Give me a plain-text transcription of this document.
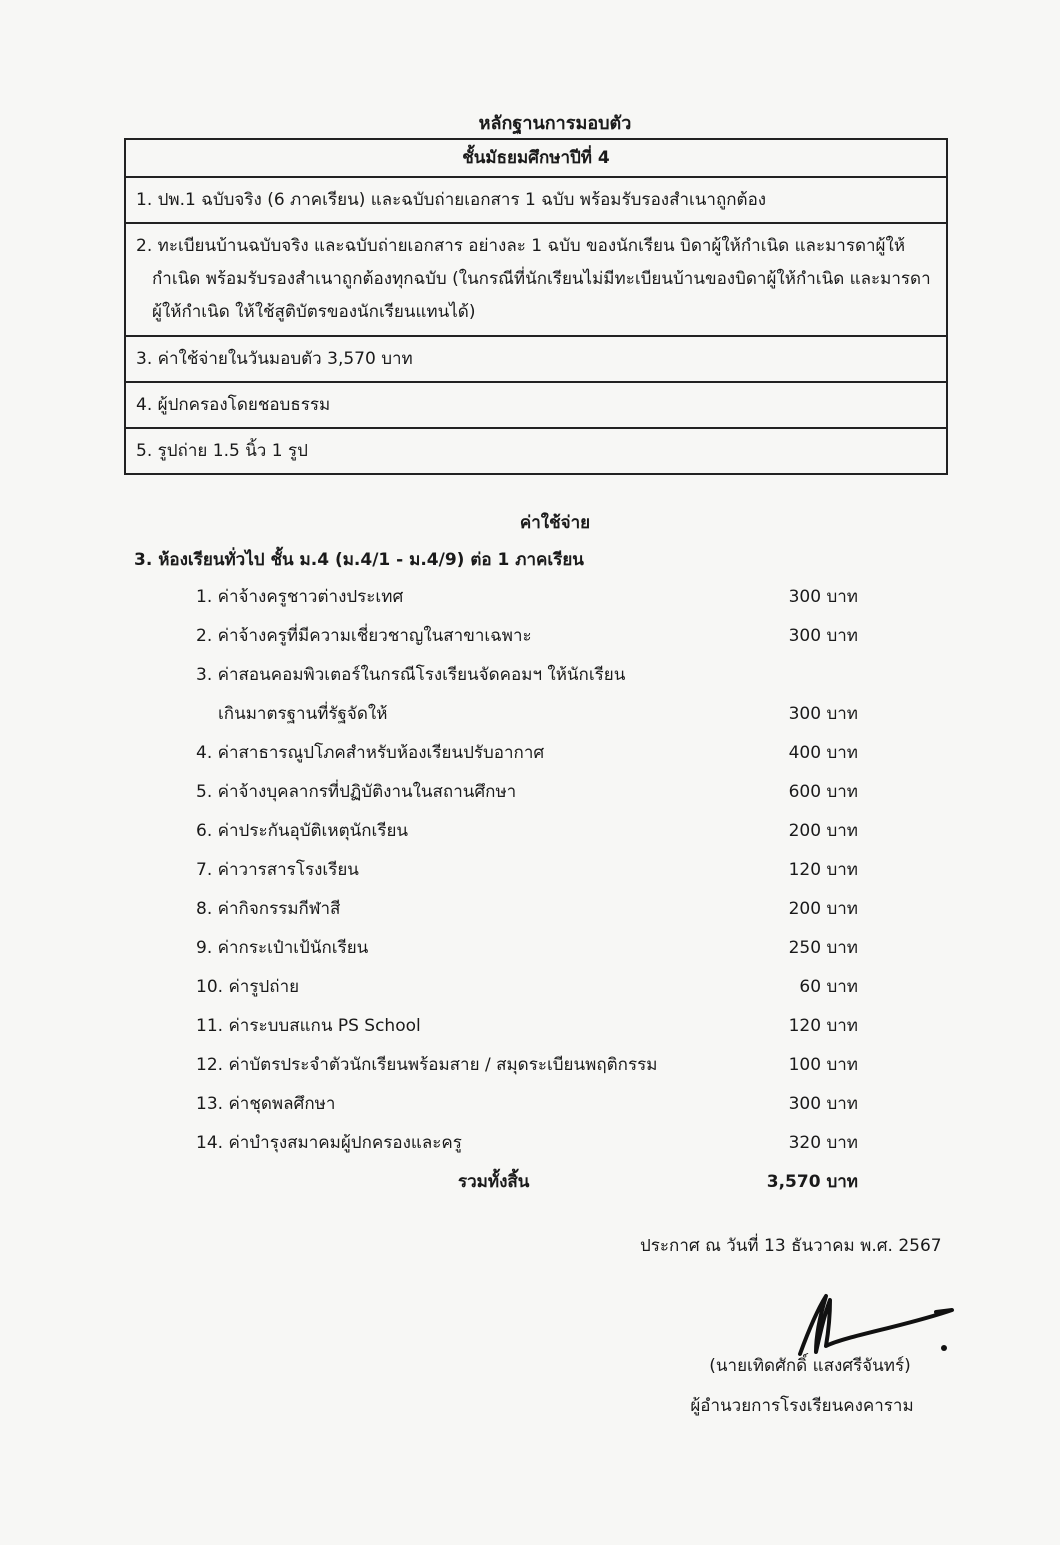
หลักฐานการมอบตัว
ชั้นมัธยมศึกษาปีที่ 4
1. ปพ.1 ฉบับจริง (6 ภาคเรียน) และฉบับถ่ายเอกสาร 1 ฉบับ พร้อมรับรองสำเนาถูกต้อง

2. ทะเบียนบ้านฉบับจริง และฉบับถ่ายเอกสาร อย่างละ 1 ฉบับ ของนักเรียน บิดาผู้ให้กำเนิด และมารดาผู้ให้กำเนิด พร้อมรับรองสำเนาถูกต้องทุกฉบับ (ในกรณีที่นักเรียนไม่มีทะเบียนบ้านของบิดาผู้ให้กำเนิด และมารดาผู้ให้กำเนิด ให้ใช้สูติบัตรของนักเรียนแทนได้)

3. ค่าใช้จ่ายในวันมอบตัว 3,570 บาท
4. ผู้ปกครองโดยชอบธรรม
5. รูปถ่าย 1.5 นิ้ว 1 รูป
ค่าใช้จ่าย
3. ห้องเรียนทั่วไป ชั้น ม.4 (ม.4/1 - ม.4/9) ต่อ 1 ภาคเรียน
1. ค่าจ้างครูชาวต่างประเทศ	300 บาท
2. ค่าจ้างครูที่มีความเชี่ยวชาญในสาขาเฉพาะ	300 บาท
3. ค่าสอนคอมพิวเตอร์ในกรณีโรงเรียนจัดคอมฯ ให้นักเรียน
เกินมาตรฐานที่รัฐจัดให้	300 บาท
4. ค่าสาธารณูปโภคสำหรับห้องเรียนปรับอากาศ	400 บาท
5. ค่าจ้างบุคลากรที่ปฏิบัติงานในสถานศึกษา	600 บาท
6. ค่าประกันอุบัติเหตุนักเรียน	200 บาท
7. ค่าวารสารโรงเรียน	120 บาท
8. ค่ากิจกรรมกีฬาสี	200 บาท
9. ค่ากระเป๋าเป้นักเรียน	250 บาท
10. ค่ารูปถ่าย	60 บาท
11. ค่าระบบสแกน PS School	120 บาท
12. ค่าบัตรประจำตัวนักเรียนพร้อมสาย / สมุดระเบียนพฤติกรรม	100 บาท
13. ค่าชุดพลศึกษา	300 บาท
14. ค่าบำรุงสมาคมผู้ปกครองและครู	320 บาท
รวมทั้งสิ้น	3,570 บาท
ประกาศ ณ วันที่ 13 ธันวาคม พ.ศ. 2567
(นายเทิดศักดิ์ แสงศรีจันทร์)
ผู้อำนวยการโรงเรียนคงคาราม
